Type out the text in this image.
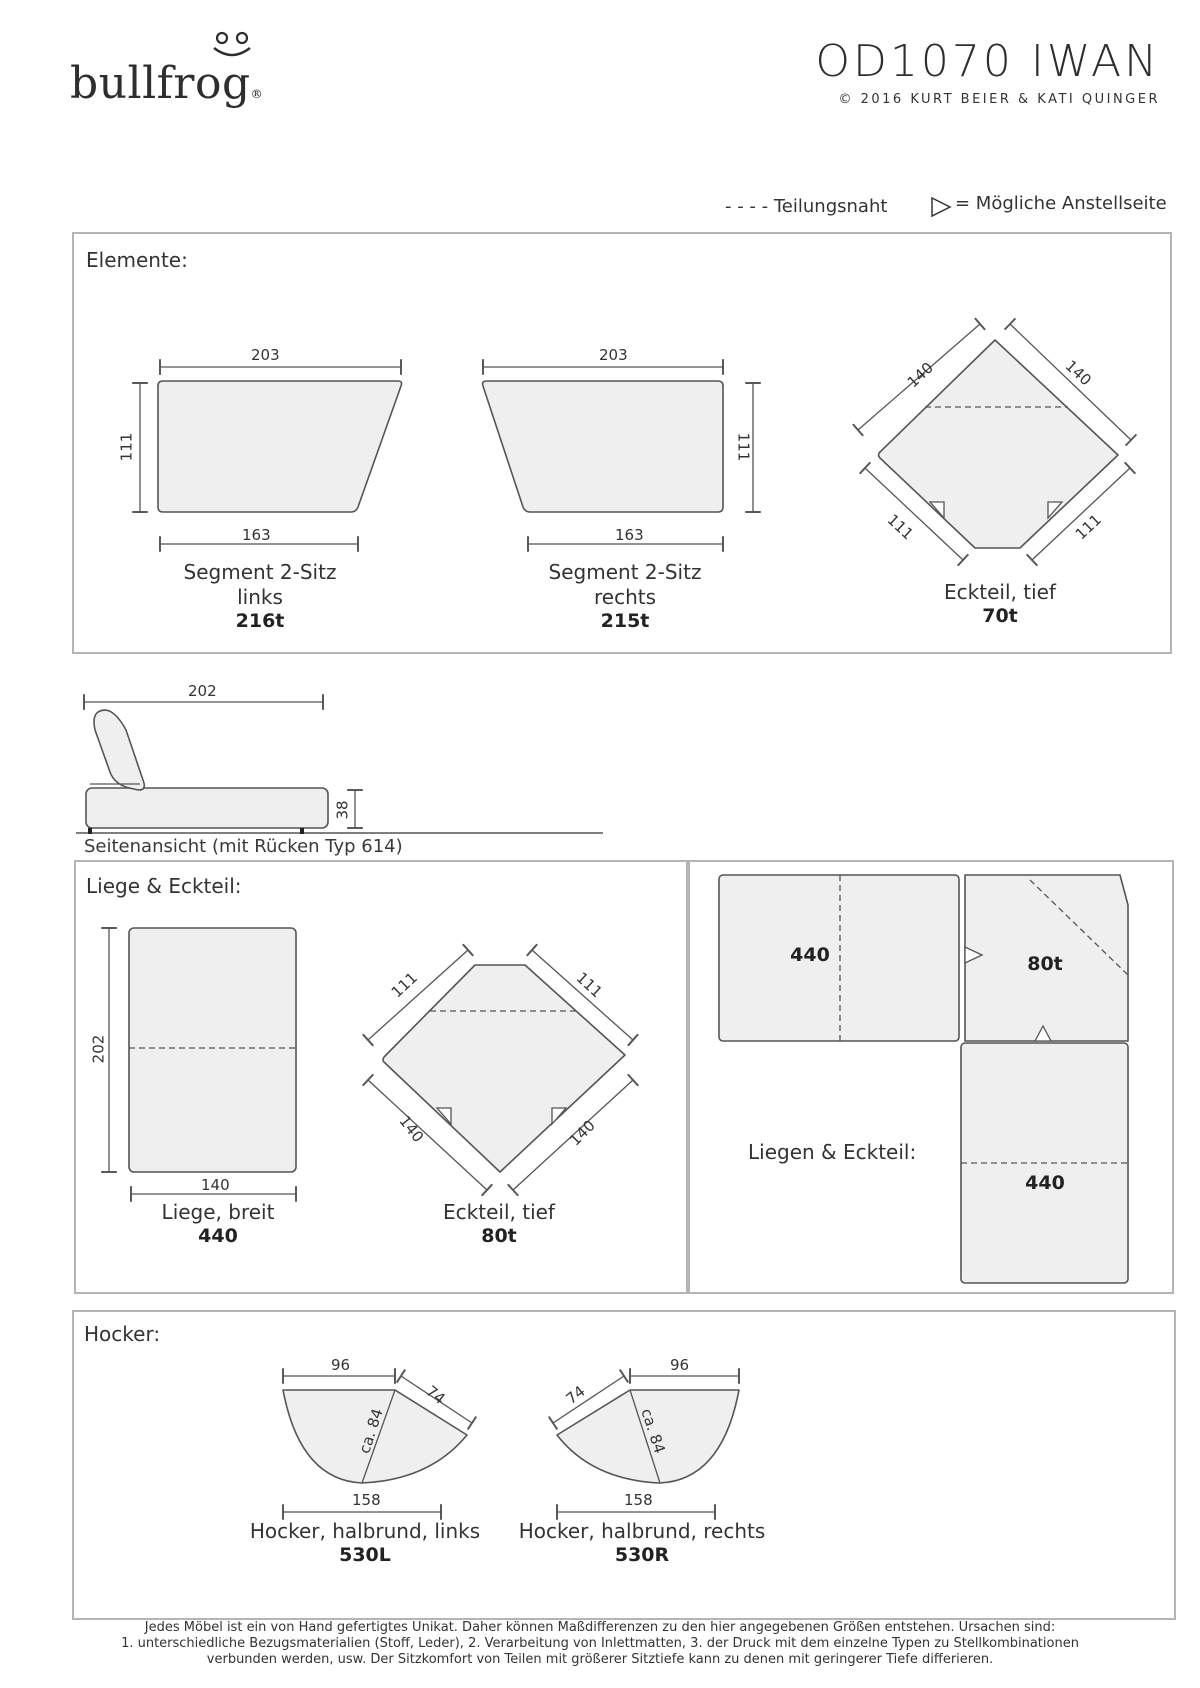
bullfrog®
OD1070 IWAN
© 2016 KURT BEIER & KATI QUINGER
- - - - Teilungsnaht	= Mögliche Anstellseite
Elemente:
203
163
111
Segment 2-Sitz
links
216t
203
163
111
Segment 2-Sitz
rechts
215t
140	140
111	111
Eckteil, tief
70t
202
38
Seitenansicht (mit Rücken Typ 614)
Liege & Eckteil:
202
140
Liege, breit
440
111	111
140	140
Eckteil, tief
80t
440	80t
Liegen & Eckteil:
440
Hocker:
96
74
ca. 84
158
Hocker, halbrund, links
530L
96
74
ca. 84
158
Hocker, halbrund, rechts
530R
Jedes Möbel ist ein von Hand gefertigtes Unikat. Daher können Maßdifferenzen zu den hier angegebenen Größen entstehen. Ursachen sind:
1. unterschiedliche Bezugsmaterialien (Stoff, Leder), 2. Verarbeitung von Inlettmatten, 3. der Druck mit dem einzelne Typen zu Stellkombinationen
verbunden werden, usw. Der Sitzkomfort von Teilen mit größerer Sitztiefe kann zu denen mit geringerer Tiefe differieren.
